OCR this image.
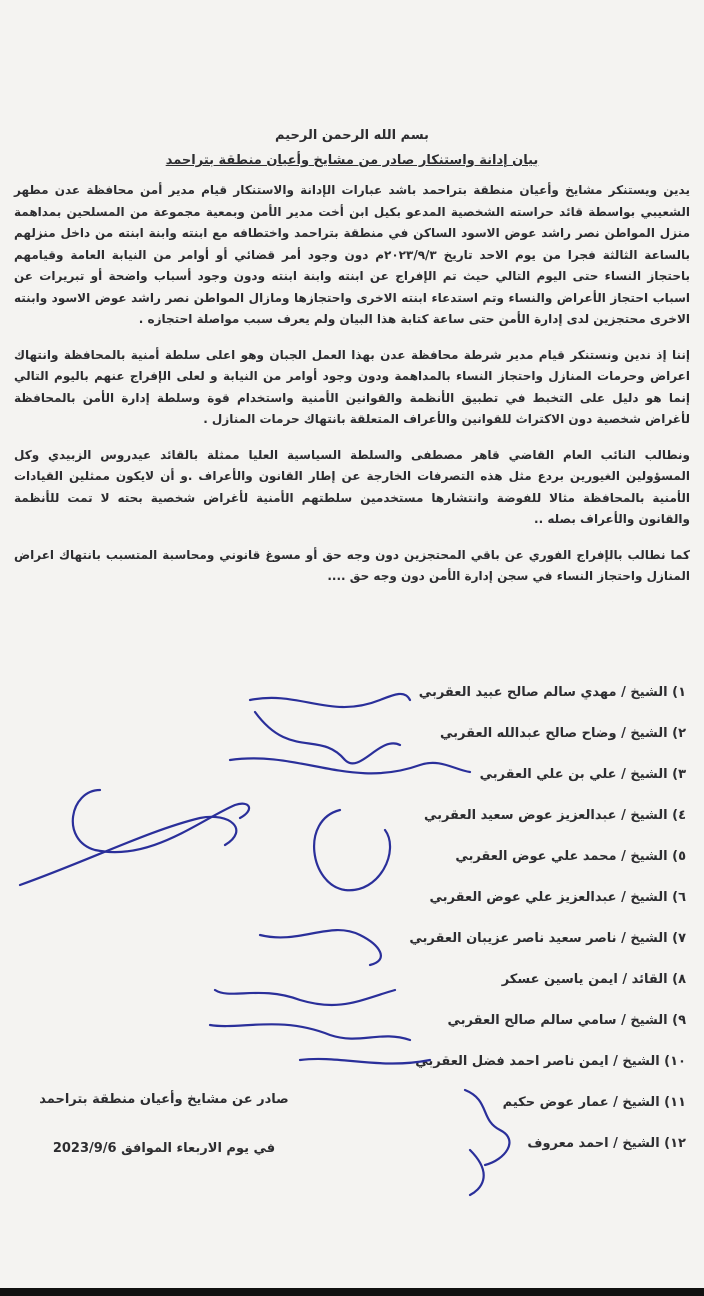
بسم الله الرحمن الرحيم

بيان إدانة واستنكار صادر من مشايخ وأعيان منطقة بتراحمد

يدين ويستنكر مشايخ وأعيان منطقة بتراحمد باشد عبارات الإدانة والاستنكار قيام مدير أمن محافظة عدن مطهر الشعيبي بواسطة قائد حراسته الشخصية المدعو بكيل ابن أخت مدير الأمن وبمعية مجموعة من المسلحين بمداهمة منزل المواطن نصر راشد عوض الاسود الساكن في منطقة بتراحمد واختطافه مع ابنته وابنة ابنته من داخل منزلهم بالساعة الثالثة فجرا من يوم الاحد تاريخ ٢٠٢٣/٩/٣م دون وجود أمر قضائي أو أوامر من النيابة العامة وقيامهم باحتجاز النساء حتى اليوم التالي حيث تم الإفراج عن ابنته وابنة ابنته ودون وجود أسباب واضحة أو تبريرات عن اسباب احتجاز الأعراض والنساء وتم استدعاء ابنته الاخرى واحتجازها ومازال المواطن نصر راشد عوض الاسود وابنته الاخرى محتجزين لدى إدارة الأمن حتى ساعة كتابة هذا البيان ولم يعرف سبب مواصلة احتجازه .

إننا إذ ندين ونستنكر قيام مدير شرطة محافظة عدن بهذا العمل الجبان وهو اعلى سلطة أمنية بالمحافظة وانتهاك اعراض وحرمات المنازل واحتجاز النساء بالمداهمة ودون وجود أوامر من النيابة و لعلى الإفراج عنهم باليوم التالي إنما هو دليل على التخبط في تطبيق الأنظمة والقوانين الأمنية واستخدام قوة وسلطة إدارة الأمن بالمحافظة لأغراض شخصية دون الاكتراث للقوانين والأعراف المتعلقة بانتهاك حرمات المنازل .

ونطالب النائب العام القاضي قاهر مصطفى والسلطة السياسية العليا ممثلة بالقائد عيدروس الزبيدي وكل المسؤولين الغيورين بردع مثل هذه التصرفات الخارجة عن إطار القانون والأعراف .و أن لايكون ممثلين القيادات الأمنية بالمحافظة مثالا للفوضة وانتشارها مستخدمين سلطتهم الأمنية لأغراض شخصية بحته لا تمت للأنظمة والقانون والأعراف بصله ..

كما نطالب بالإفراج الفوري عن باقي المحتجزين دون وجه حق أو مسوغ قانوني ومحاسبة المتسبب بانتهاك اعراض المنازل واحتجاز النساء في سجن إدارة الأمن دون وجه حق ....

١) الشيخ / مهدي سالم صالح عبيد العقربي
٢) الشيخ / وضاح صالح عبدالله العقربي
٣) الشيخ / علي بن علي العقربي
٤) الشيخ / عبدالعزيز عوض سعيد العقربي
٥) الشيخ / محمد علي عوض العقربي
٦) الشيخ / عبدالعزيز علي عوض العقربي
٧) الشيخ / ناصر سعيد ناصر عزيبان العقربي
٨) القائد / ايمن ياسين عسكر
٩) الشيخ / سامي سالم صالح العقربي
١٠) الشيخ / ايمن ناصر احمد فضل العقربي
١١) الشيخ / عمار عوض حكيم
١٢) الشيخ / احمد معروف
صادر عن مشايخ وأعيان منطقة بتراحمد
في يوم الاربعاء الموافق 2023/9/6
